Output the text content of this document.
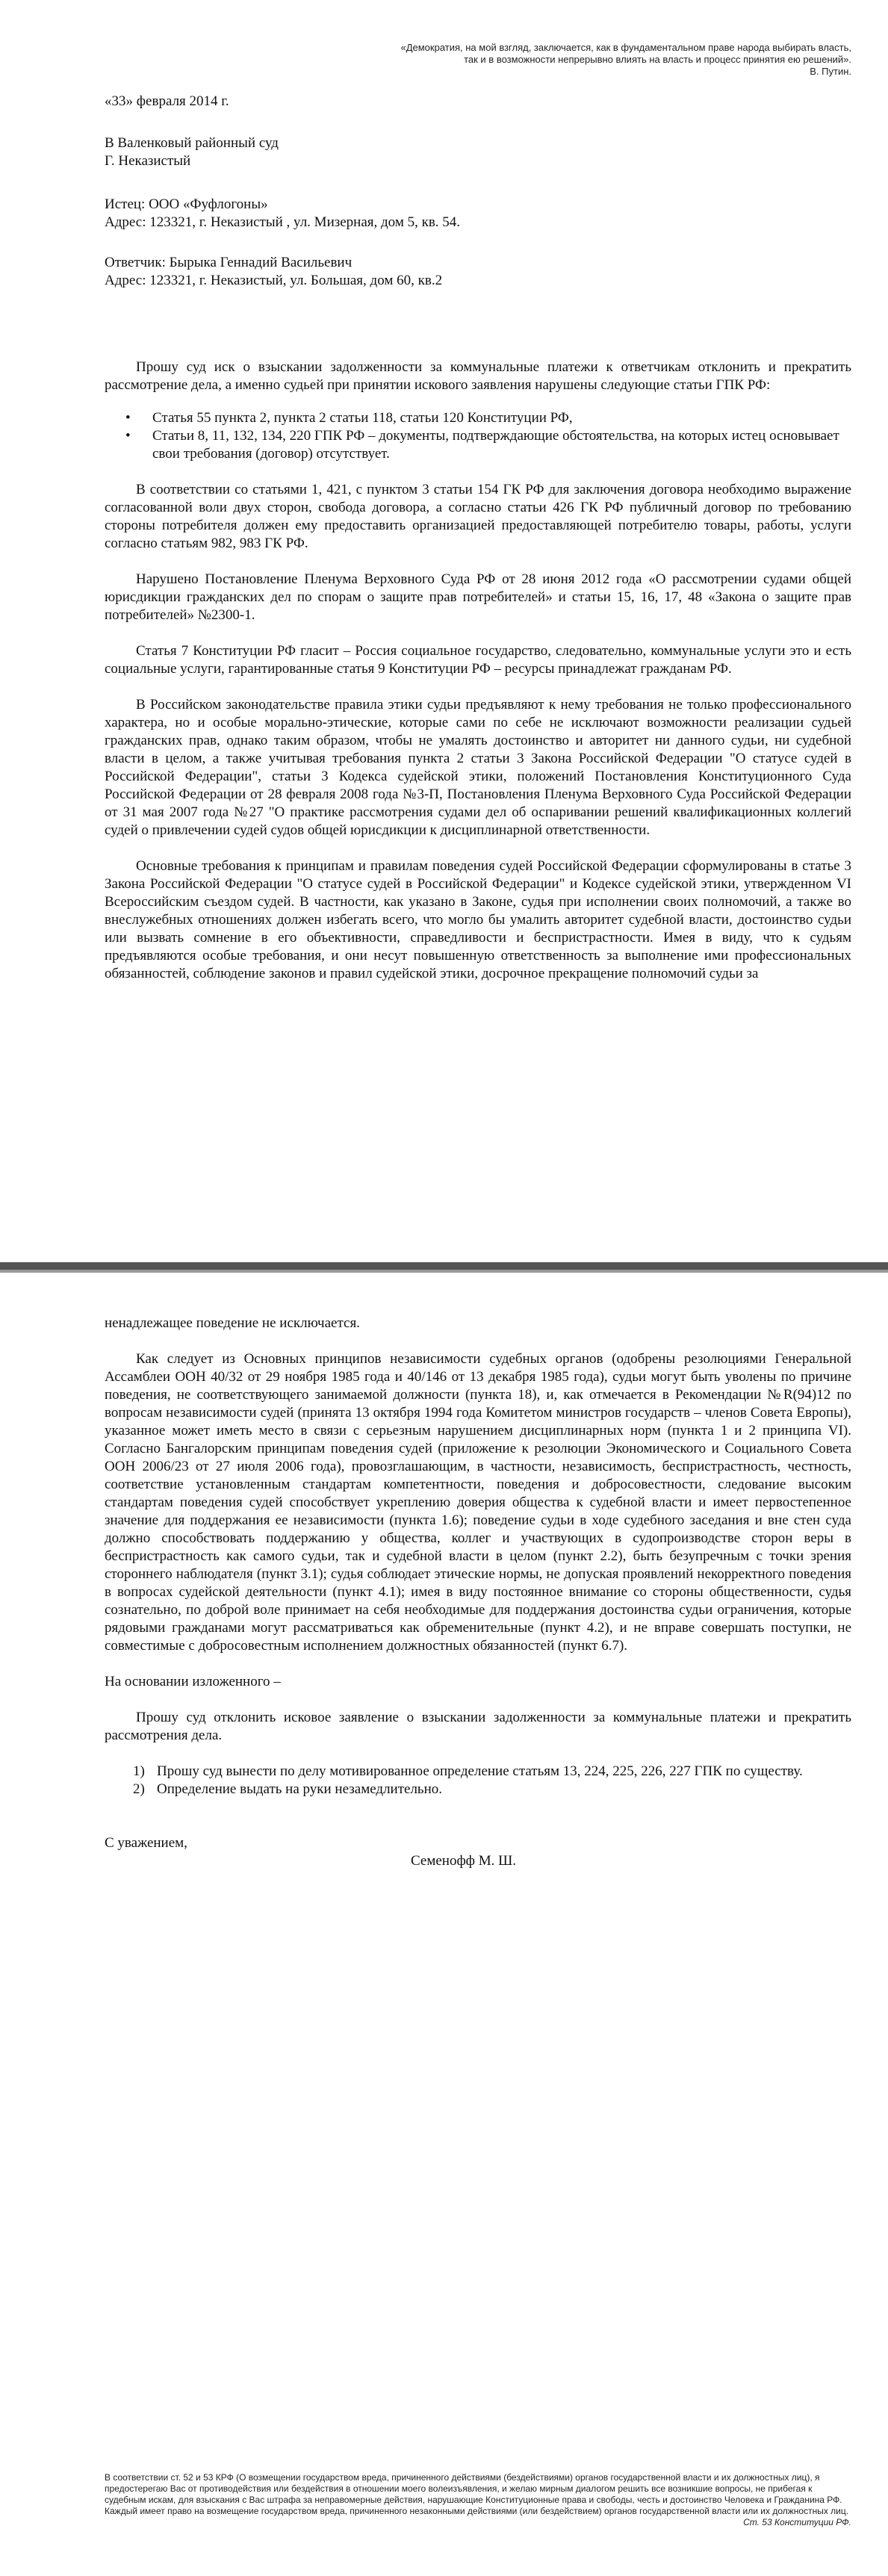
«Демократия, на мой взгляд, заключается, как в фундаментальном праве народа выбирать власть,

так и в возможности непрерывно влиять на власть и процесс принятия ею решений».

В. Путин.

«33» февраля 2014 г.

В Валенковый районный суд

Г. Неказистый

Истец: ООО «Фуфлогоны»

Адрес: 123321, г. Неказистый , ул. Мизерная, дом 5, кв. 54.

Ответчик: Бырыка Геннадий Васильевич

Адрес: 123321, г. Неказистый, ул. Большая, дом 60, кв.2

Прошу суд иск о взыскании задолженности за коммунальные платежи к ответчикам отклонить и прекратить рассмотрение дела, а именно судьей при принятии искового заявления нарушены следующие статьи ГПК РФ:

• Статья 55 пункта 2, пункта 2 статьи 118, статьи 120 Конституции РФ,
• Статьи 8, 11, 132, 134, 220 ГПК РФ – документы, подтверждающие обстоятельства, на которых истец основывает свои требования (договор) отсутствует.

В соответствии со статьями 1, 421, с пунктом 3 статьи 154 ГК РФ для заключения договора необходимо выражение согласованной воли двух сторон, свобода договора, а согласно статьи 426 ГК РФ публичный договор по требованию стороны потребителя должен ему предоставить организацией предоставляющей потребителю товары, работы, услуги согласно статьям 982, 983 ГК РФ.

Нарушено Постановление Пленума Верховного Суда РФ от 28 июня 2012 года «О рассмотрении судами общей юрисдикции гражданских дел по спорам о защите прав потребителей» и статьи 15, 16, 17, 48 «Закона о защите прав потребителей» №2300-1.

Статья 7 Конституции РФ гласит – Россия социальное государство, следовательно, коммунальные услуги это и есть социальные услуги, гарантированные статья 9 Конституции РФ – ресурсы принадлежат гражданам РФ.

В Российском законодательстве правила этики судьи предъявляют к нему требования не только профессионального характера, но и особые морально-этические, которые сами по себе не исключают возможности реализации судьей гражданских прав, однако таким образом, чтобы не умалять достоинство и авторитет ни данного судьи, ни судебной власти в целом, а также учитывая требования пункта 2 статьи 3 Закона Российской Федерации "О статусе судей в Российской Федерации", статьи 3 Кодекса судейской этики, положений Постановления Конституционного Суда Российской Федерации от 28 февраля 2008 года №3-П, Постановления Пленума Верховного Суда Российской Федерации от 31 мая 2007 года №27 "О практике рассмотрения судами дел об оспаривании решений квалификационных коллегий судей о привлечении судей судов общей юрисдикции к дисциплинарной ответственности.

Основные требования к принципам и правилам поведения судей Российской Федерации сформулированы в статье 3 Закона Российской Федерации "О статусе судей в Российской Федерации" и Кодексе судейской этики, утвержденном VI Всероссийским съездом судей. В частности, как указано в Законе, судья при исполнении своих полномочий, а также во внеслужебных отношениях должен избегать всего, что могло бы умалить авторитет судебной власти, достоинство судьи или вызвать сомнение в его объективности, справедливости и беспристрастности. Имея в виду, что к судьям предъявляются особые требования, и они несут повышенную ответственность за выполнение ими профессиональных обязанностей, соблюдение законов и правил судейской этики, досрочное прекращение полномочий судьи за

ненадлежащее поведение не исключается.

Как следует из Основных принципов независимости судебных органов (одобрены резолюциями Генеральной Ассамблеи ООН 40/32 от 29 ноября 1985 года и 40/146 от 13 декабря 1985 года), судьи могут быть уволены по причине поведения, не соответствующего занимаемой должности (пункта 18), и, как отмечается в Рекомендации №R(94)12 по вопросам независимости судей (принята 13 октября 1994 года Комитетом министров государств – членов Совета Европы), указанное может иметь место в связи с серьезным нарушением дисциплинарных норм (пункта 1 и 2 принципа VI). Согласно Бангалорским принципам поведения судей (приложение к резолюции Экономического и Социального Совета ООН 2006/23 от 27 июля 2006 года), провозглашающим, в частности, независимость, беспристрастность, честность, соответствие установленным стандартам компетентности, поведения и добросовестности, следование высоким стандартам поведения судей способствует укреплению доверия общества к судебной власти и имеет первостепенное значение для поддержания ее независимости (пункта 1.6); поведение судьи в ходе судебного заседания и вне стен суда должно способствовать поддержанию у общества, коллег и участвующих в судопроизводстве сторон веры в беспристрастность как самого судьи, так и судебной власти в целом (пункт 2.2), быть безупречным с точки зрения стороннего наблюдателя (пункт 3.1); судья соблюдает этические нормы, не допуская проявлений некорректного поведения в вопросах судейской деятельности (пункт 4.1); имея в виду постоянное внимание со стороны общественности, судья сознательно, по доброй воле принимает на себя необходимые для поддержания достоинства судьи ограничения, которые рядовыми гражданами могут рассматриваться как обременительные (пункт 4.2), и не вправе совершать поступки, не совместимые с добросовестным исполнением должностных обязанностей (пункт 6.7).

На основании изложенного –

Прошу суд отклонить исковое заявление о взыскании задолженности за коммунальные платежи и прекратить рассмотрения дела.

1) Прошу суд вынести по делу мотивированное определение статьям 13, 224, 225, 226, 227 ГПК по существу.
2) Определение выдать на руки незамедлительно.

С уважением,

Семенофф М. Ш.

В соответствии ст. 52 и 53 КРФ (О возмещении государством вреда, причиненного действиями (бездействиями) органов государственной власти и их должностных лиц), я предостерегаю Вас от противодействия или бездействия в отношении моего волеизъявления, и желаю мирным диалогом решить все возникшие вопросы, не прибегая к судебным искам, для взыскания с Вас штрафа за неправомерные действия, нарушающие Конституционные права и свободы, честь и достоинство Человека и Гражданина РФ. Каждый имеет право на возмещение государством вреда, причиненного незаконными действиями (или бездействием) органов государственной власти или их должностных лиц.

Ст. 53 Конституции РФ.
